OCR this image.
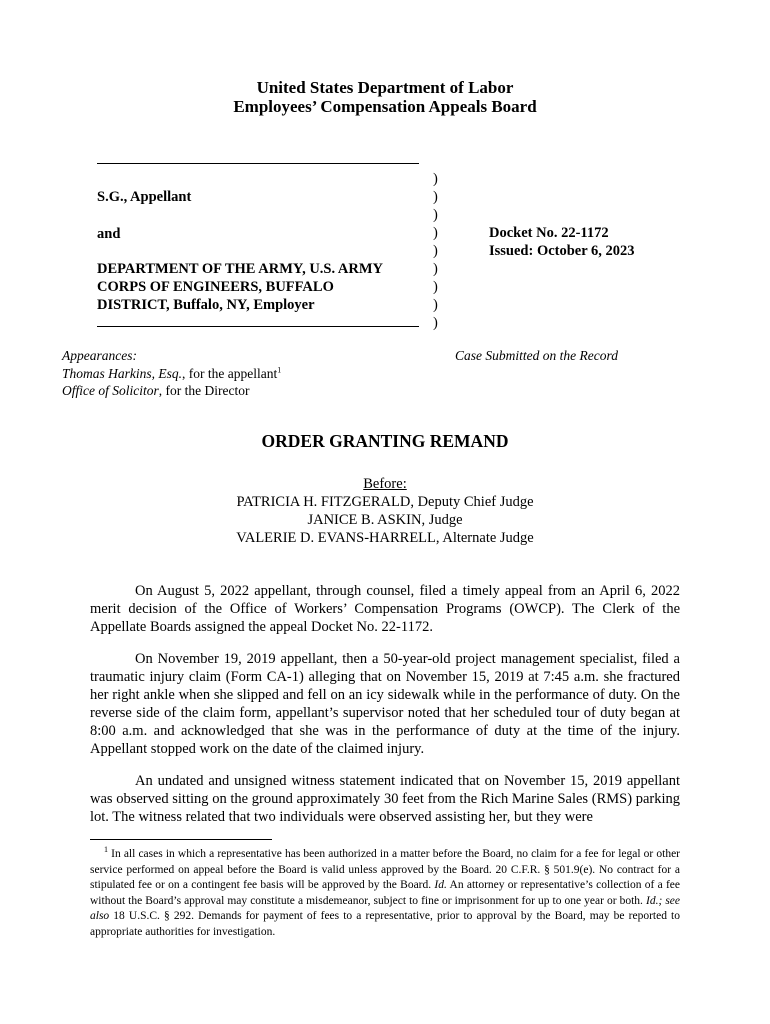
United States Department of Labor
Employees’ Compensation Appeals Board
S.G., Appellant
and
DEPARTMENT OF THE ARMY, U.S. ARMY
CORPS OF ENGINEERS, BUFFALO
DISTRICT, Buffalo, NY, Employer
)
)
)
)
)
)
)
)
)
Docket No. 22-1172
Issued: October 6, 2023
Appearances:
Thomas Harkins, Esq., for the appellant$^1$
Office of Solicitor, for the Director
Case Submitted on the Record
ORDER GRANTING REMAND
Before:
PATRICIA H. FITZGERALD, Deputy Chief Judge
JANICE B. ASKIN, Judge
VALERIE D. EVANS-HARRELL, Alternate Judge
On August 5, 2022 appellant, through counsel, filed a timely appeal from an April 6, 2022 merit decision of the Office of Workers’ Compensation Programs (OWCP). The Clerk of the Appellate Boards assigned the appeal Docket No. 22-1172.
On November 19, 2019 appellant, then a 50-year-old project management specialist, filed a traumatic injury claim (Form CA-1) alleging that on November 15, 2019 at 7:45 a.m. she fractured her right ankle when she slipped and fell on an icy sidewalk while in the performance of duty. On the reverse side of the claim form, appellant’s supervisor noted that her scheduled tour of duty began at 8:00 a.m. and acknowledged that she was in the performance of duty at the time of the injury. Appellant stopped work on the date of the claimed injury.
An undated and unsigned witness statement indicated that on November 15, 2019 appellant was observed sitting on the ground approximately 30 feet from the Rich Marine Sales (RMS) parking lot. The witness related that two individuals were observed assisting her, but they were
$^1$ In all cases in which a representative has been authorized in a matter before the Board, no claim for a fee for legal or other service performed on appeal before the Board is valid unless approved by the Board. 20 C.F.R. § 501.9(e). No contract for a stipulated fee or on a contingent fee basis will be approved by the Board. Id. An attorney or representative’s collection of a fee without the Board’s approval may constitute a misdemeanor, subject to fine or imprisonment for up to one year or both. Id.; see also 18 U.S.C. § 292. Demands for payment of fees to a representative, prior to approval by the Board, may be reported to appropriate authorities for investigation.
